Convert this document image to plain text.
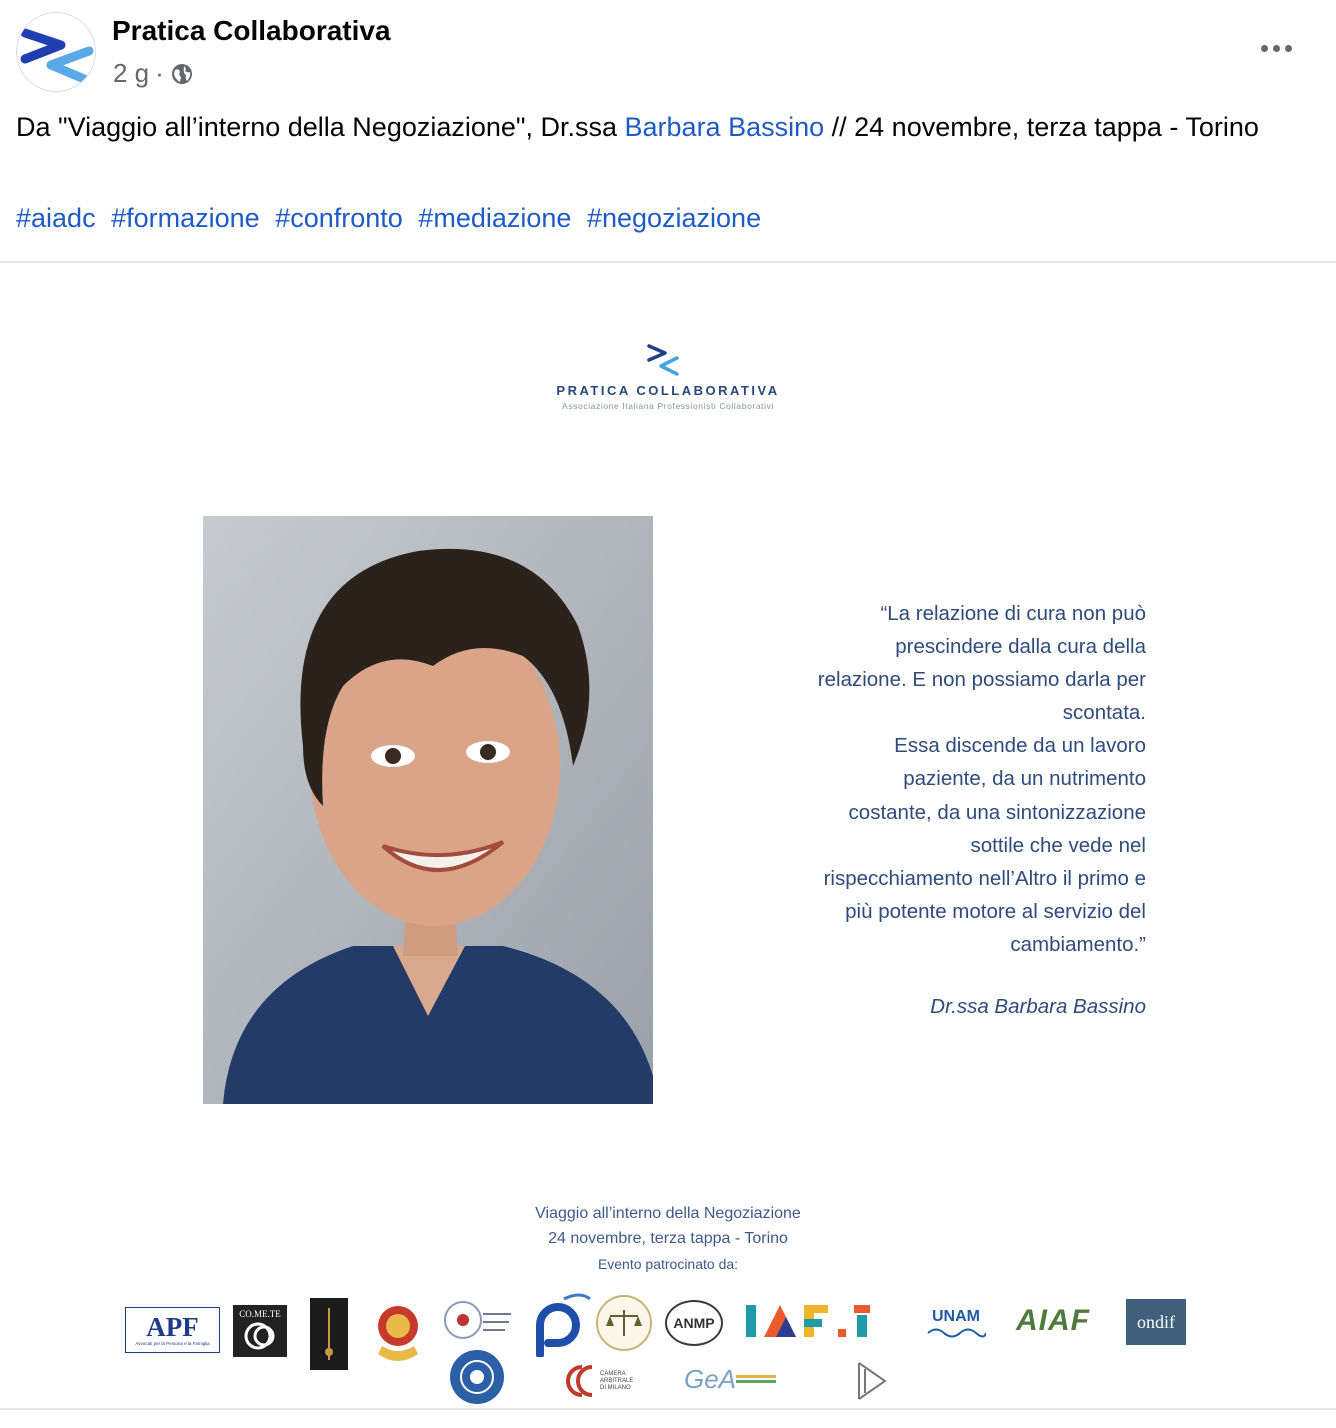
Pratica Collaborativa
2 g ·
Da "Viaggio all’interno della Negoziazione", Dr.ssa Barbara Bassino // 24 novembre, terza tappa - Torino
#aiadc #formazione #confronto #mediazione #negoziazione
PRATICA COLLABORATIVA
Associazione Italiana Professionisti Collaborativi
“La relazione di cura non può
prescindere dalla cura della
relazione. E non possiamo darla per
scontata.
Essa discende da un lavoro
paziente, da un nutrimento
costante, da una sintonizzazione
sottile che vede nel
rispecchiamento nell’Altro il primo e
più potente motore al servizio del
cambiamento.”
Dr.ssa Barbara Bassino
Viaggio all’interno della Negoziazione
24 novembre, terza tappa - Torino
Evento patrocinato da:
APF
Avvocati per la Persona e la Famiglia
CO.ME.TE
ANMP	UNAM AIAF	ondif
CAMERA ARBITRALE DI MILANO	GeA
